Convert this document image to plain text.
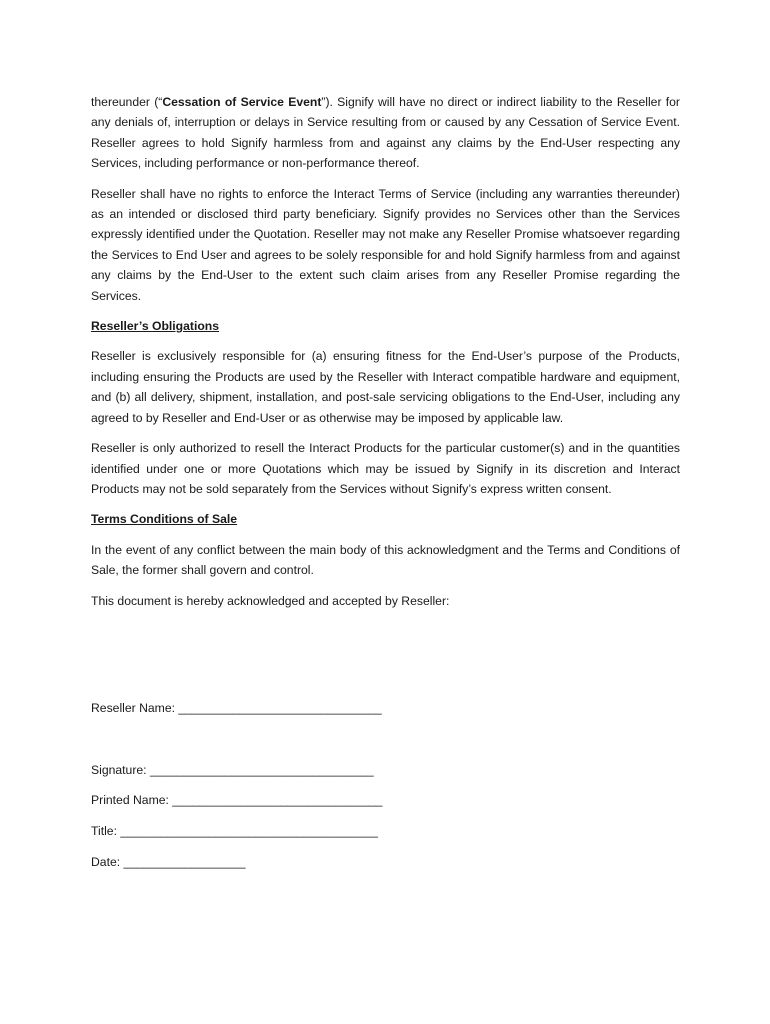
thereunder (“Cessation of Service Event”). Signify will have no direct or indirect liability to the Reseller for any denials of, interruption or delays in Service resulting from or caused by any Cessation of Service Event. Reseller agrees to hold Signify harmless from and against any claims by the End-User respecting any Services, including performance or non-performance thereof.

Reseller shall have no rights to enforce the Interact Terms of Service (including any warranties thereunder) as an intended or disclosed third party beneficiary. Signify provides no Services other than the Services expressly identified under the Quotation. Reseller may not make any Reseller Promise whatsoever regarding the Services to End User and agrees to be solely responsible for and hold Signify harmless from and against any claims by the End-User to the extent such claim arises from any Reseller Promise regarding the Services.

Reseller’s Obligations

Reseller is exclusively responsible for (a) ensuring fitness for the End-User’s purpose of the Products, including ensuring the Products are used by the Reseller with Interact compatible hardware and equipment, and (b) all delivery, shipment, installation, and post-sale servicing obligations to the End-User, including any agreed to by Reseller and End-User or as otherwise may be imposed by applicable law.

Reseller is only authorized to resell the Interact Products for the particular customer(s) and in the quantities identified under one or more Quotations which may be issued by Signify in its discretion and Interact Products may not be sold separately from the Services without Signify’s express written consent.

Terms Conditions of Sale

In the event of any conflict between the main body of this acknowledgment and the Terms and Conditions of Sale, the former shall govern and control.

This document is hereby acknowledged and accepted by Reseller:

Reseller Name: ______________________________
Signature: _________________________________
Printed Name: _______________________________
Title: ______________________________________
Date: __________________
